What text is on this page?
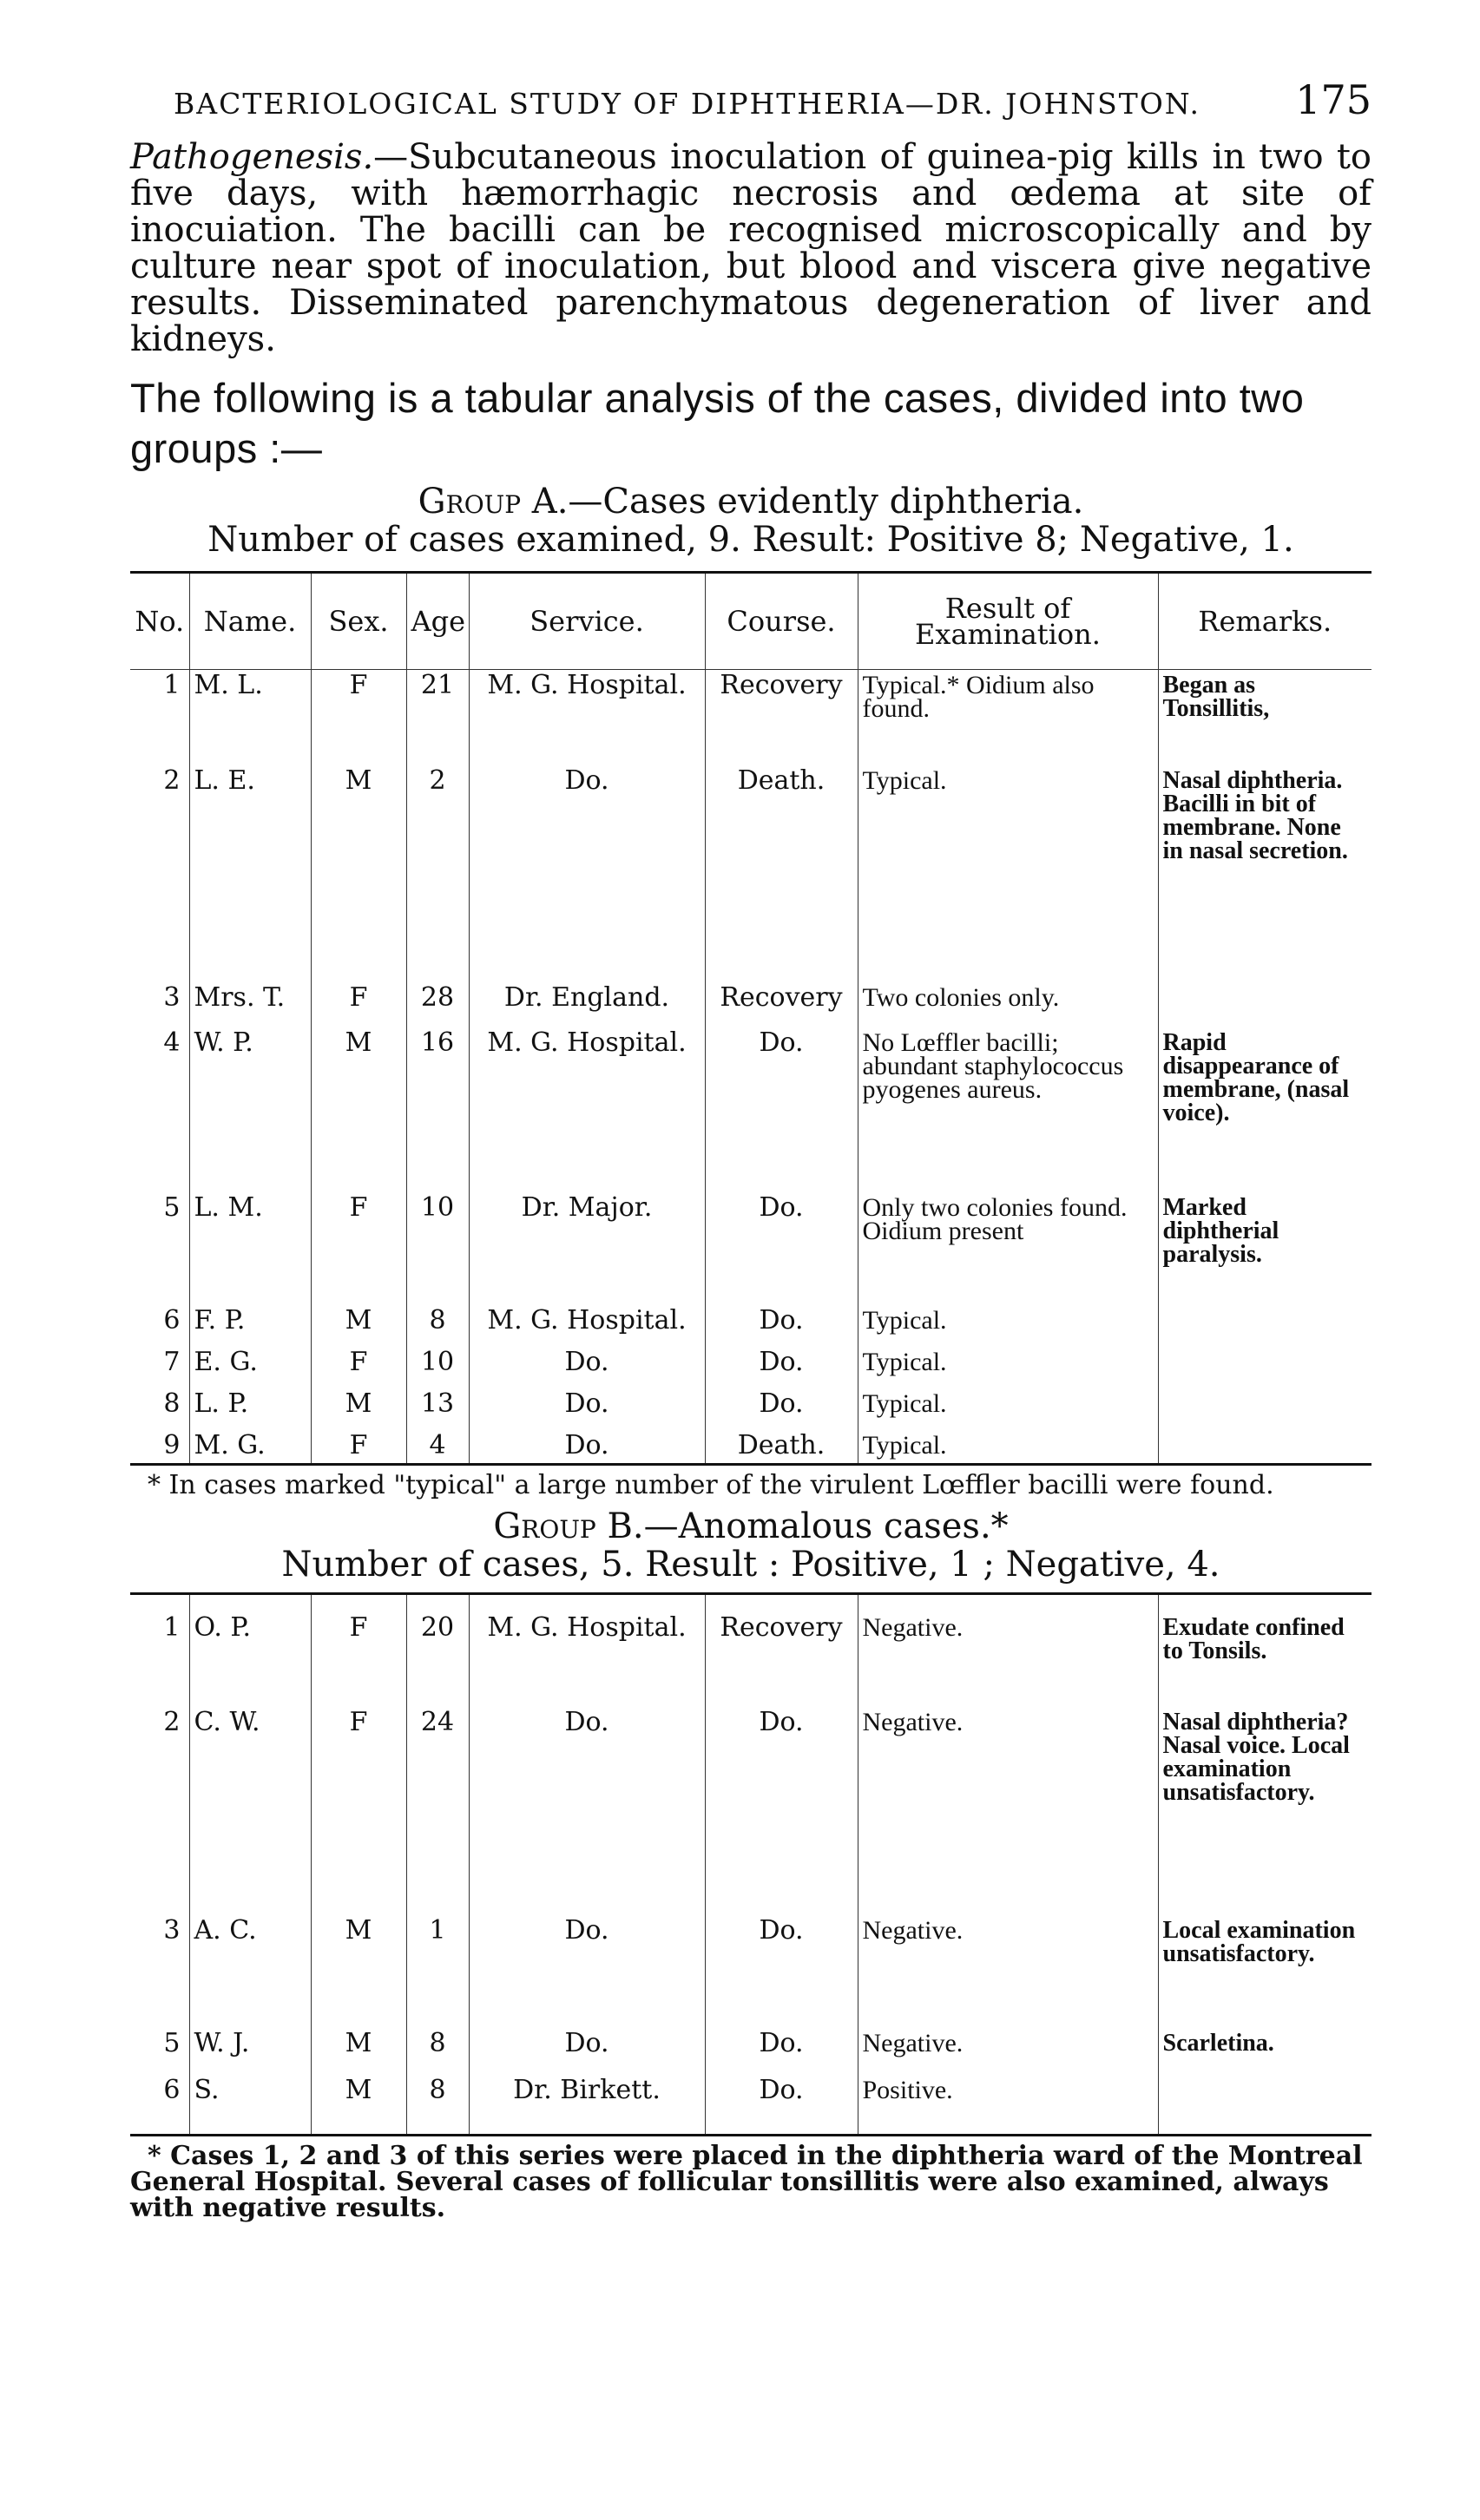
BACTERIOLOGICAL STUDY OF DIPHTHERIA—DR. JOHNSTON. 175

Pathogenesis.—Subcutaneous inoculation of guinea-pig kills in two to five days, with hæmorrhagic necrosis and œdema at site of inocuiation. The bacilli can be recognised microscopically and by culture near spot of inoculation, but blood and viscera give negative results. Disseminated parenchymatous degeneration of liver and kidneys.

The following is a tabular analysis of the cases, divided into two groups :—

Group A.—Cases evidently diphtheria.
Number of cases examined, 9. Result: Positive 8; Negative, 1.
No.	Name.	Sex.	Age	Service.	Course.	Result of Examination.	Remarks.
1	M. L.	F	21	M. G. Hospital.	Recovery	Typical.* Oidium also found.	Began as Tonsillitis,
2	L. E.	M	2	Do.	Death.	Typical.	Nasal diphtheria. Bacilli in bit of membrane. None in nasal secretion.
3	Mrs. T.	F	28	Dr. England.	Recovery	Two colonies only.	
4	W. P.	M	16	M. G. Hospital.	Do.	No Lœffler bacilli; abundant staphylococcus pyogenes aureus.	Rapid disappearance of membrane, (nasal voice).
5	L. M.	F	10	Dr. Major.	Do.	Only two colonies found. Oidium present	Marked diphtherial paralysis.
6	F. P.	M	8	M. G. Hospital.	Do.	Typical.	
7	E. G.	F	10	Do.	Do.	Typical.	
8	L. P.	M	13	Do.	Do.	Typical.	
9	M. G.	F	4	Do.	Death.	Typical.	
* In cases marked "typical" a large number of the virulent Lœffler bacilli were found.
Group B.—Anomalous cases.*
Number of cases, 5. Result : Positive, 1 ; Negative, 4.
1	O. P.	F	20	M. G. Hospital.	Recovery	Negative.	Exudate confined to Tonsils.
2	C. W.	F	24	Do.	Do.	Negative.	Nasal diphtheria? Nasal voice. Local examination unsatisfactory.
3	A. C.	M	1	Do.	Do.	Negative.	Local examination unsatisfactory.
5	W. J.	M	8	Do.	Do.	Negative.	Scarletina.
6	S.	M	8	Dr. Birkett.	Do.	Positive.	
* Cases 1, 2 and 3 of this series were placed in the diphtheria ward of the Montreal General Hospital. Several cases of follicular tonsillitis were also examined, always with negative results.
